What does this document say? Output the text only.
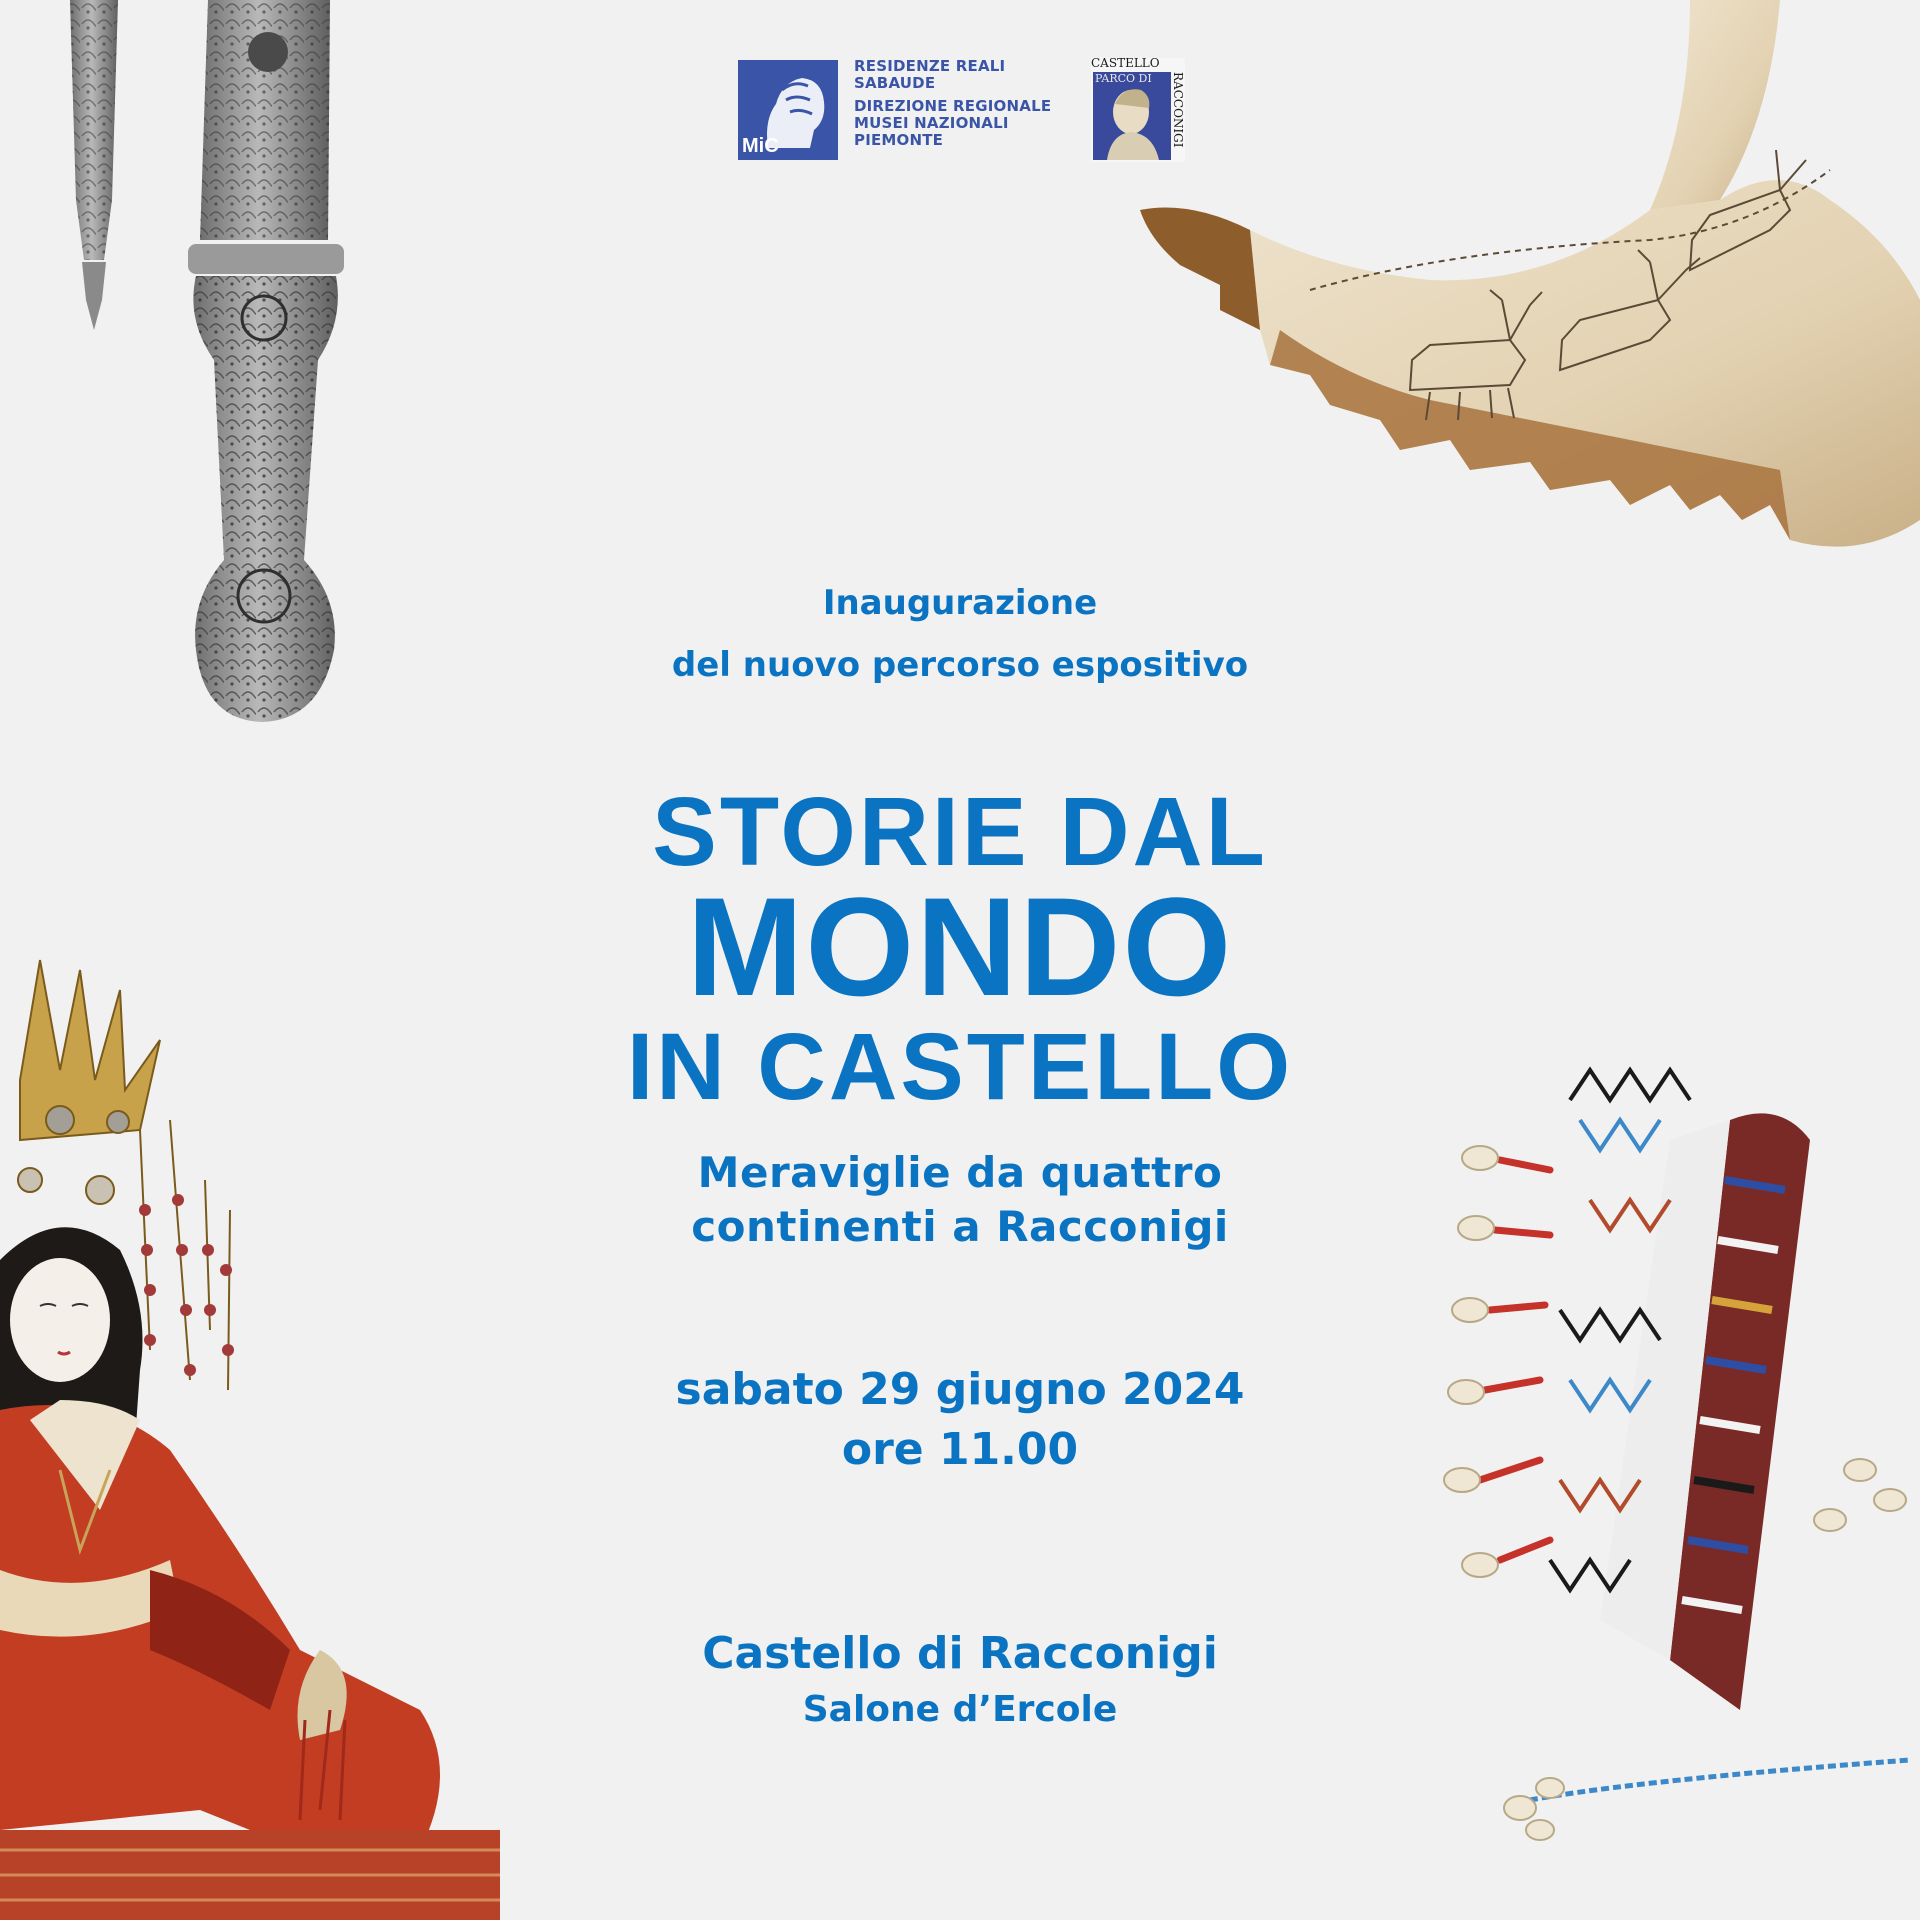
MiC
RESIDENZE REALI
SABAUDE
DIREZIONE REGIONALE
MUSEI NAZIONALI
PIEMONTE
CASTELLO
PARCO DI RACCONIGI
Inaugurazione
del nuovo percorso espositivo
STORIE DAL
MONDO
IN CASTELLO
Meraviglie da quattro
continenti a Racconigi
sabato 29 giugno 2024
ore 11.00
Castello di Racconigi
Salone d’Ercole
